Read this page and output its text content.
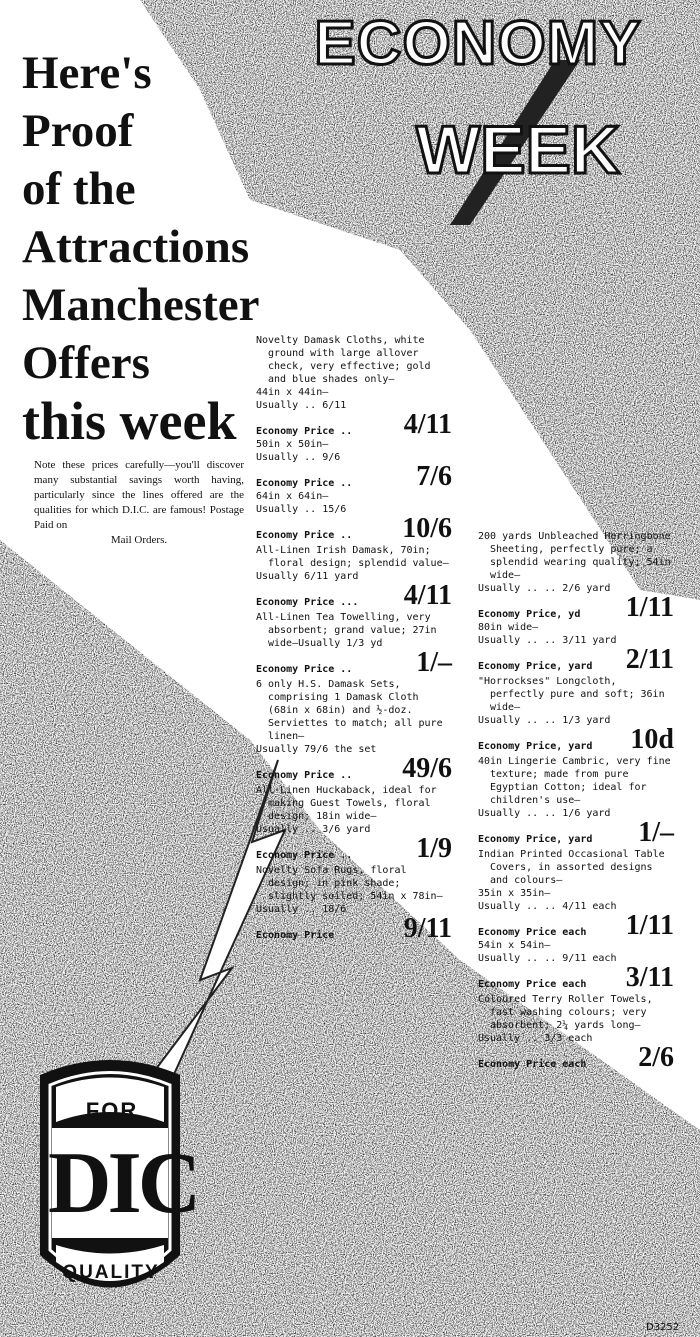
Here's
Proof
of the
Attractions
Manchester
Offers
this week
ECONOMY
WEEK
Note these prices carefully—you'll discover many substantial savings worth having, particularly since the lines offered are the qualities for which D.I.C. are famous! Postage Paid on
Mail Orders.
Novelty Damask Cloths, white ground with large allover check, very effective; gold and blue shades only—
44in x 44in—
Usually .. 6/11
Economy Price .. 4/11
50in x 50in—
Usually .. 9/6
Economy Price .. 7/6
64in x 64in—
Usually .. 15/6
Economy Price .. 10/6
All-Linen Irish Damask, 70in; floral design; splendid value—
Usually 6/11 yard
Economy Price ... 4/11
All-Linen Tea Towelling, very absorbent; grand value; 27in wide—Usually 1/3 yd
Economy Price .. 1/–
6 only H.S. Damask Sets, comprising 1 Damask Cloth (68in x 68in) and ½-doz. Serviettes to match; all pure linen—
Usually 79/6 the set
Economy Price .. 49/6
All-Linen Huckaback, ideal for making Guest Towels, floral design; 18in wide—
Usually .. 3/6 yard
Economy Price .. 1/9
Novelty Sofa Rugs, floral design; in pink shade; slightly soiled; 54in x 78in—
Usually .. 18/6
Economy Price 9/11
200 yards Unbleached Herringbone Sheeting, perfectly pure; a splendid wearing quality; 54in wide—
Usually .. .. 2/6 yard
Economy Price, yd 1/11
80in wide—
Usually .. .. 3/11 yard
Economy Price, yard 2/11
"Horrockses" Longcloth, perfectly pure and soft; 36in wide—
Usually .. .. 1/3 yard
Economy Price, yard 10d
40in Lingerie Cambric, very fine texture; made from pure Egyptian Cotton; ideal for children's use—
Usually .. .. 1/6 yard
Economy Price, yard 1/–
Indian Printed Occasional Table Covers, in assorted designs and colours—
35in x 35in—
Usually .. .. 4/11 each
Economy Price each 1/11
54in x 54in—
Usually .. .. 9/11 each
Economy Price each 3/11
Coloured Terry Roller Towels, fast washing colours; very absorbent; 2¼ yards long—
Usually .. 3/3 each
Economy Price each 2/6
FOR
DIC
QUALITY
D3252
